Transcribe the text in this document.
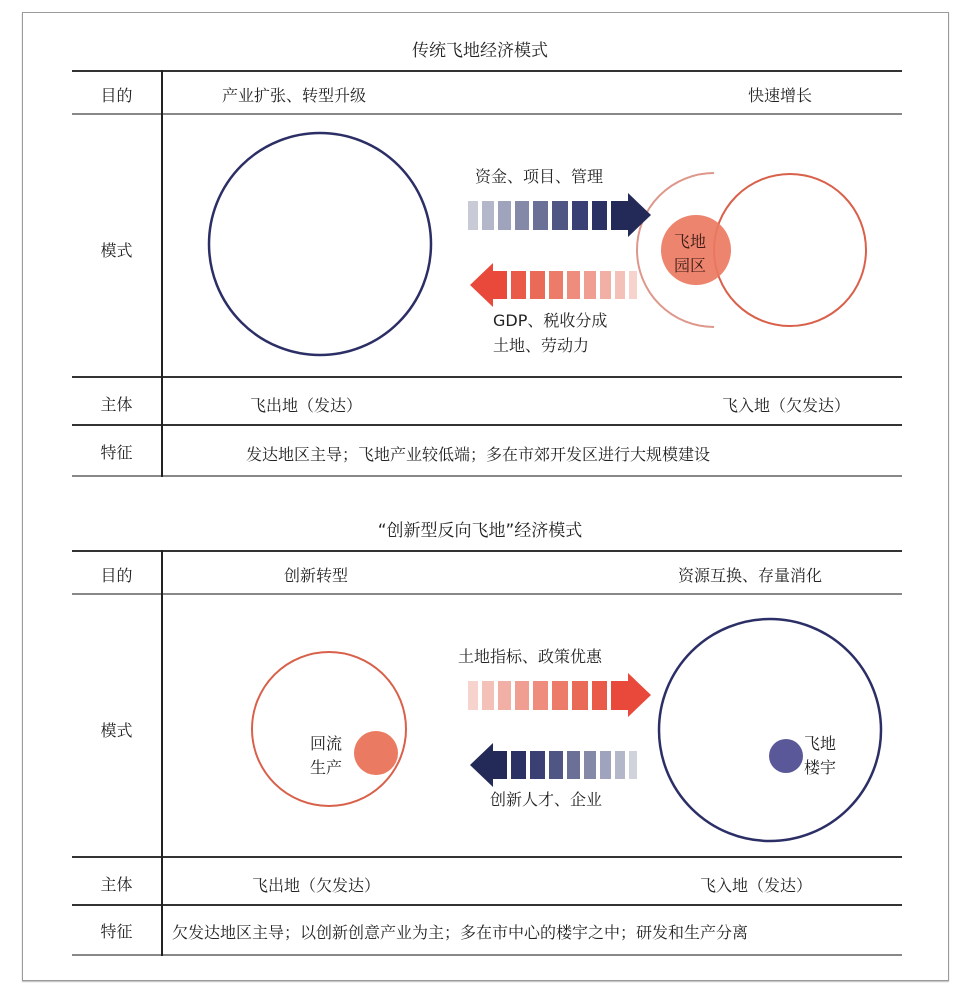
传统飞地经济模式
目的	产业扩张、转型升级	快速增长
模式
主体	飞出地（发达）	飞入地（欠发达）
特征	发达地区主导；飞地产业较低端；多在市郊开发区进行大规模建设
“创新型反向飞地”经济模式
目的	创新转型	资源互换、存量消化
模式
主体	飞出地（欠发达）	飞入地（发达）
特征	欠发达地区主导；以创新创意产业为主；多在市中心的楼宇之中；研发和生产分离
资金、项目、管理
GDP、税收分成
土地、劳动力
飞地
园区
土地指标、政策优惠
创新人才、企业
回流
生产
飞地
楼宇
